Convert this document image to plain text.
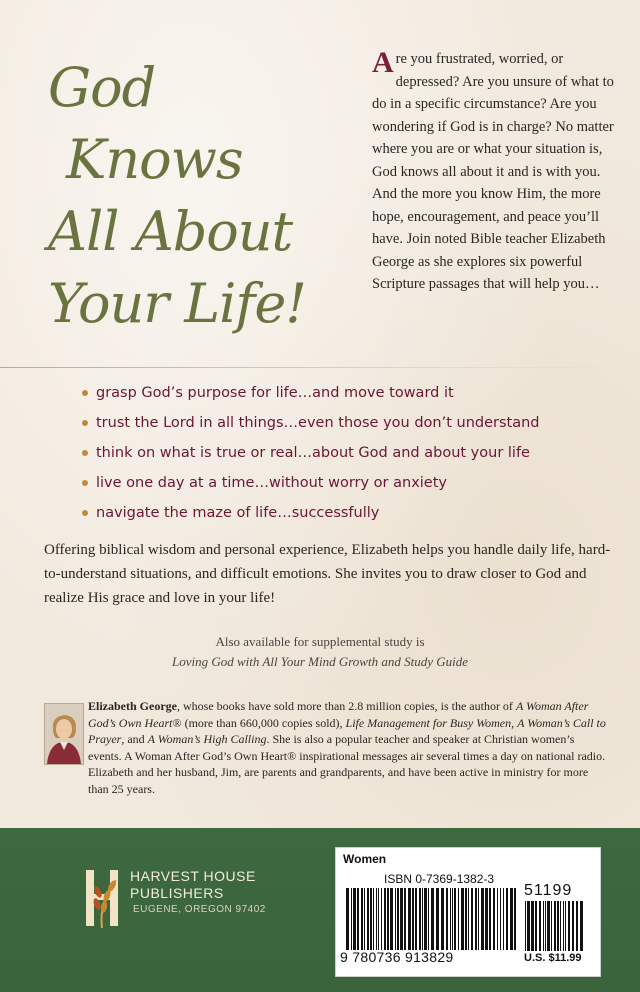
God
Knows
All About
Your Life!
Are you frustrated, worried, or depressed? Are you unsure of what to do in a specific circumstance? Are you wondering if God is in charge? No matter where you are or what your situation is, God knows all about it and is with you. And the more you know Him, the more hope, encouragement, and peace you’ll have. Join noted Bible teacher Elizabeth George as she explores six powerful Scripture passages that will help you…
grasp God’s purpose for life…and move toward it
trust the Lord in all things…even those you don’t understand
think on what is true or real…about God and about your life
live one day at a time…without worry or anxiety
navigate the maze of life…successfully
Offering biblical wisdom and personal experience, Elizabeth helps you handle daily life, hard-to-understand situations, and difficult emotions. She invites you to draw closer to God and realize His grace and love in your life!
Also available for supplemental study is
Loving God with All Your Mind Growth and Study Guide
Elizabeth George, whose books have sold more than 2.8 million copies, is the author of A Woman After God’s Own Heart® (more than 660,000 copies sold), Life Management for Busy Women, A Woman’s Call to Prayer, and A Woman’s High Calling. She is also a popular teacher and speaker at Christian women’s events. A Woman After God’s Own Heart® inspirational messages air several times a day on national radio. Elizabeth and her husband, Jim, are parents and grandparents, and have been active in ministry for more than 25 years.
HARVEST HOUSE
PUBLISHERS
EUGENE, OREGON 97402
Women
ISBN 0-7369-1382-3
9 780736 913829
51199
U.S. $11.99
